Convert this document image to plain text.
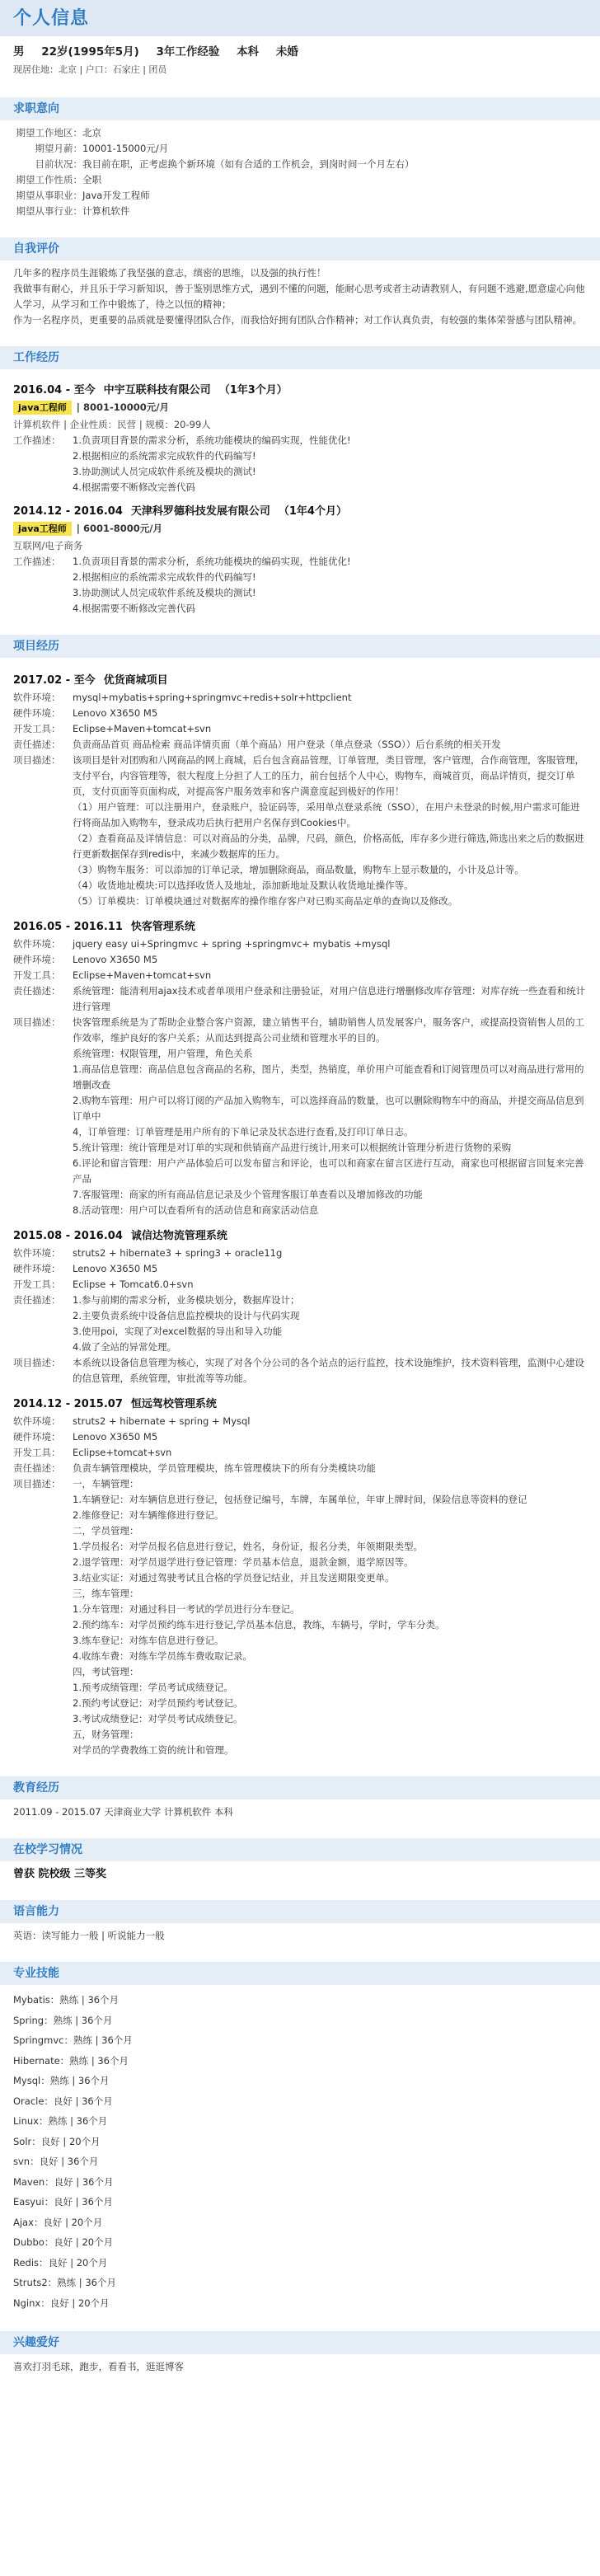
个人信息
男 22岁(1995年5月) 3年工作经验 本科 未婚
现居住地：北京 | 户口：石家庄 | 团员
求职意向
期望工作地区： 北京
期望月薪： 10001-15000元/月
目前状况： 我目前在职，正考虑换个新环境（如有合适的工作机会，到岗时间一个月左右）
期望工作性质： 全职
期望从事职业： Java开发工程师
期望从事行业： 计算机软件
自我评价

几年多的程序员生涯锻炼了我坚强的意志，缜密的思维，以及强的执行性！

我做事有耐心，并且乐于学习新知识，善于鉴别思维方式，遇到不懂的问题，能耐心思考或者主动请教别人，有问题不逃避,愿意虚心向他人学习，从学习和工作中锻炼了，待之以恒的精神；

作为一名程序员，更重要的品质就是要懂得团队合作，而我恰好拥有团队合作精神；对工作认真负责，有较强的集体荣誉感与团队精神。

工作经历
2016.04 - 至今 中宇互联科技有限公司 （1年3个月）
java工程师	| 8001-10000元/月
计算机软件 | 企业性质：民营 | 规模：20-99人
工作描述：	1.负责项目背景的需求分析，系统功能模块的编码实现，性能优化!
2.根据相应的系统需求完成软件的代码编写!
3.协助测试人员完成软件系统及模块的测试!
4.根据需要不断修改完善代码
2014.12 - 2016.04 天津科罗德科技发展有限公司 （1年4个月）
java工程师	| 6001-8000元/月
互联网/电子商务
工作描述：	1.负责项目背景的需求分析，系统功能模块的编码实现，性能优化!
2.根据相应的系统需求完成软件的代码编写!
3.协助测试人员完成软件系统及模块的测试!
4.根据需要不断修改完善代码
项目经历
2017.02 - 至今 优货商城项目
软件环境：	mysql+mybatis+spring+springmvc+redis+solr+httpclient
硬件环境：	Lenovo X3650 M5
开发工具：	Eclipse+Maven+tomcat+svn
责任描述：	负责商品首页 商品检索 商品详情页面（单个商品）用户登录（单点登录（SSO））后台系统的相关开发
项目描述：	该项目是针对团购和八网商品的网上商城，后台包含商品管理，订单管理，类目管理，客户管理，合作商管理，客服管理，支付平台，内容管理等，很大程度上分担了人工的压力，前台包括个人中心，购物车，商城首页，商品详情页，提交订单页，支付页面等页面构成，对提高客户服务效率和客户满意度起到极好的作用！
（1）用户管理：可以注册用户，登录账户，验证码等，采用单点登录系统（SSO），在用户未登录的时候,用户需求可能进行将商品加入购物车，登录成功后执行把用户名保存到Cookies中。
（2）查看商品及详情信息：可以对商品的分类，品牌，尺码，颜色，价格高低，库存多少进行筛选,筛选出来之后的数据进行更新数据保存到redis中，来减少数据库的压力。
（3）购物车服务：可以添加的订单记录，增加删除商品，商品数量，购物车上显示数量的，小计及总计等。
（4）收货地址模块:可以选择收货人及地址，添加新地址及默认收货地址操作等。
（5）订单模块：订单模块通过对数据库的操作维存客户对已购买商品定单的查询以及修改。
2016.05 - 2016.11 快客管理系统
软件环境：	jquery easy ui+Springmvc + spring +springmvc+ mybatis +mysql
硬件环境：	Lenovo X3650 M5
开发工具：	Eclipse+Maven+tomcat+svn
责任描述：	系统管理：能清利用ajax技术或者单项用户登录和注册验证，对用户信息进行增删修改库存管理：对库存统一些查看和统计进行管理
项目描述：	快客管理系统是为了帮助企业整合客户资源，建立销售平台，辅助销售人员发展客户，服务客户，或提高投资销售人员的工作效率，维护良好的客户关系；从而达到提高公司业绩和管理水平的目的。
系统管理：权限管理，用户管理，角色关系
1.商品信息管理：商品信息包含商品的名称，图片，类型，热销度，单价用户可能查看和订阅管理员可以对商品进行常用的增删改查
2.购物车管理：用户可以将订阅的产品加入购物车，可以选择商品的数量，也可以删除购物车中的商品，并提交商品信息到订单中
4，订单管理：订单管理是用户所有的下单记录及状态进行查看,及打印订单日志。
5.统计管理：统计管理是对订单的实现和供销商产品进行统计,用来可以根据统计管理分析进行货物的采购
6.评论和留言管理：用户产品体验后可以发布留言和评论，也可以和商家在留言区进行互动，商家也可根据留言回复来完善产品
7.客服管理：商家的所有商品信息记录及少个管理客服订单查看以及增加修改的功能
8.活动管理：用户可以查看所有的活动信息和商家活动信息
2015.08 - 2016.04 诚信达物流管理系统
软件环境：	struts2 + hibernate3 + spring3 + oracle11g
硬件环境：	Lenovo X3650 M5
开发工具：	Eclipse + Tomcat6.0+svn
责任描述：	1.参与前期的需求分析，业务模块划分，数据库设计；
2.主要负责系统中设备信息监控模块的设计与代码实现
3.使用poi，实现了对excel数据的导出和导入功能
4.做了全站的异常处理。
项目描述：	本系统以设备信息管理为核心，实现了对各个分公司的各个站点的运行监控，技术设施维护，技术资料管理，监测中心建设的信息管理，系统管理，审批流等等功能。
2014.12 - 2015.07 恒远驾校管理系统
软件环境：	struts2 + hibernate + spring + Mysql
硬件环境：	Lenovo X3650 M5
开发工具：	Eclipse+tomcat+svn
责任描述：	负责车辆管理模块，学员管理模块，练车管理模块下的所有分类模块功能
项目描述：	一，车辆管理：
1.车辆登记：对车辆信息进行登记，包括登记编号，车牌，车属单位，年审上牌时间，保险信息等资料的登记
2.维修登记：对车辆维修进行登记。
二，学员管理：
1.学员报名：对学员报名信息进行登记，姓名，身份证，报名分类，年领期限类型。
2.退学管理：对学员退学进行登记管理：学员基本信息，退款金额，退学原因等。
3.结业实证：对通过驾驶考试且合格的学员登记结业，并且发送期限变更单。
三，练车管理：
1.分车管理：对通过科目一考试的学员进行分车登记。
2.预约练车：对学员预约练车进行登记,学员基本信息，教练，车辆号，学时，学车分类。
3.练车登记：对练车信息进行登记。
4.收练车费：对练车学员练车费收取记录。
四，考试管理：
1.预考成绩管理：学员考试成绩登记。
2.预约考试登记：对学员预约考试登记。
3.考试成绩登记：对学员考试成绩登记。
五，财务管理：
对学员的学费教练工资的统计和管理。
教育经历
2011.09 - 2015.07 天津商业大学 计算机软件 本科
在校学习情况
曾获 院校级 三等奖
语言能力
英语：读写能力一般 | 听说能力一般
专业技能
Mybatis：熟练 | 36个月
Spring：熟练 | 36个月
Springmvc：熟练 | 36个月
Hibernate：熟练 | 36个月
Mysql：熟练 | 36个月
Oracle：良好 | 36个月
Linux：熟练 | 36个月
Solr：良好 | 20个月
svn：良好 | 36个月
Maven：良好 | 36个月
Easyui：良好 | 36个月
Ajax：良好 | 20个月
Dubbo：良好 | 20个月
Redis：良好 | 20个月
Struts2：熟练 | 36个月
Nginx：良好 | 20个月
兴趣爱好
喜欢打羽毛球，跑步，看看书，逛逛博客
